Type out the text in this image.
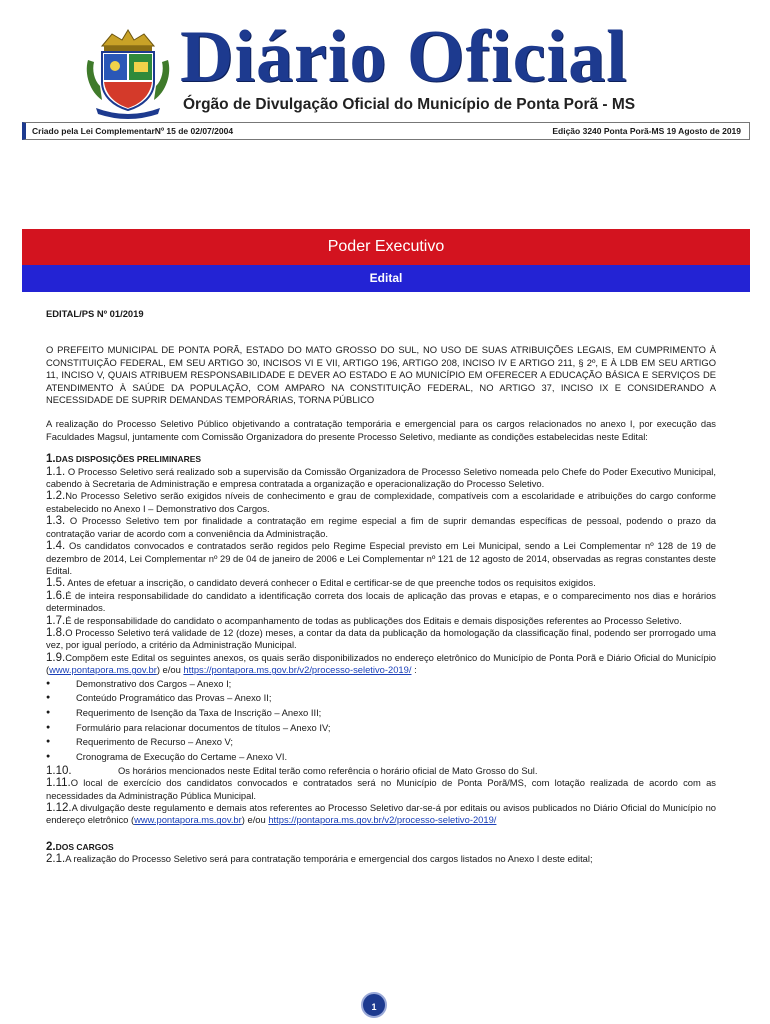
Diário Oficial
Órgão de Divulgação Oficial do Município de Ponta Porã - MS
Criado pela Lei ComplementarNº 15 de 02/07/2004	Edição 3240 Ponta Porã-MS 19 Agosto de 2019
Poder Executivo
Edital

EDITAL/PS Nº 01/2019

O PREFEITO MUNICIPAL DE PONTA PORÃ, ESTADO DO MATO GROSSO DO SUL, NO USO DE SUAS ATRIBUIÇÕES LEGAIS, EM CUMPRIMENTO À CONSTITUIÇÃO FEDERAL, EM SEU ARTIGO 30, INCISOS VI E VII, ARTIGO 196, ARTIGO 208, INCISO IV E ARTIGO 211, § 2º, E À LDB EM SEU ARTIGO 11, INCISO V, QUAIS ATRIBUEM RESPONSABILIDADE E DEVER AO ESTADO E AO MUNICÍPIO EM OFERECER A EDUCAÇÃO BÁSICA E SERVIÇOS DE ATENDIMENTO À SAÚDE DA POPULAÇÃO, COM AMPARO NA CONSTITUIÇÃO FEDERAL, NO ARTIGO 37, INCISO IX E CONSIDERANDO A NECESSIDADE DE SUPRIR DEMANDAS TEMPORÁRIAS, TORNA PÚBLICO

A realização do Processo Seletivo Público objetivando a contratação temporária e emergencial para os cargos relacionados no anexo I, por execução das Faculdades Magsul, juntamente com Comissão Organizadora do presente Processo Seletivo, mediante as condições estabelecidas neste Edital:

1.DAS DISPOSIÇÕES PRELIMINARES

1.1. O Processo Seletivo será realizado sob a supervisão da Comissão Organizadora de Processo Seletivo nomeada pelo Chefe do Poder Executivo Municipal, cabendo à Secretaria de Administração e empresa contratada a organização e operacionalização do Processo Seletivo.

1.2.No Processo Seletivo serão exigidos níveis de conhecimento e grau de complexidade, compatíveis com a escolaridade e atribuições do cargo conforme estabelecido no Anexo I – Demonstrativo dos Cargos.

1.3. O Processo Seletivo tem por finalidade a contratação em regime especial a fim de suprir demandas específicas de pessoal, podendo o prazo da contratação variar de acordo com a conveniência da Administração.

1.4. Os candidatos convocados e contratados serão regidos pelo Regime Especial previsto em Lei Municipal, sendo a Lei Complementar nº 128 de 19 de dezembro de 2014, Lei Complementar nº 29 de 04 de janeiro de 2006 e Lei Complementar nº 121 de 12 agosto de 2014, observadas as regras constantes deste Edital.

1.5. Antes de efetuar a inscrição, o candidato deverá conhecer o Edital e certificar-se de que preenche todos os requisitos exigidos.

1.6.É de inteira responsabilidade do candidato a identificação correta dos locais de aplicação das provas e etapas, e o comparecimento nos dias e horários determinados.

1.7.É de responsabilidade do candidato o acompanhamento de todas as publicações dos Editais e demais disposições referentes ao Processo Seletivo.

1.8.O Processo Seletivo terá validade de 12 (doze) meses, a contar da data da publicação da homologação da classificação final, podendo ser prorrogado uma vez, por igual período, a critério da Administração Municipal.

1.9.Compõem este Edital os seguintes anexos, os quais serão disponibilizados no endereço eletrônico do Município de Ponta Porã e Diário Oficial do Município (www.pontapora.ms.gov.br) e/ou https://pontapora.ms.gov.br/v2/processo-seletivo-2019/ :

● Demonstrativo dos Cargos – Anexo I;
● Conteúdo Programático das Provas – Anexo II;
● Requerimento de Isenção da Taxa de Inscrição – Anexo III;
● Formulário para relacionar documentos de títulos – Anexo IV;
● Requerimento de Recurso – Anexo V;
● Cronograma de Execução do Certame – Anexo VI.

1.10.	Os horários mencionados neste Edital terão como referência o horário oficial de Mato Grosso do Sul.

1.11.O local de exercício dos candidatos convocados e contratados será no Município de Ponta Porã/MS, com lotação realizada de acordo com as necessidades da Administração Pública Municipal.

1.12.A divulgação deste regulamento e demais atos referentes ao Processo Seletivo dar-se-á por editais ou avisos publicados no Diário Oficial do Município no endereço eletrônico (www.pontapora.ms.gov.br) e/ou https://pontapora.ms.gov.br/v2/processo-seletivo-2019/

2.DOS CARGOS

2.1.A realização do Processo Seletivo será para contratação temporária e emergencial dos cargos listados no Anexo I deste edital;

1
